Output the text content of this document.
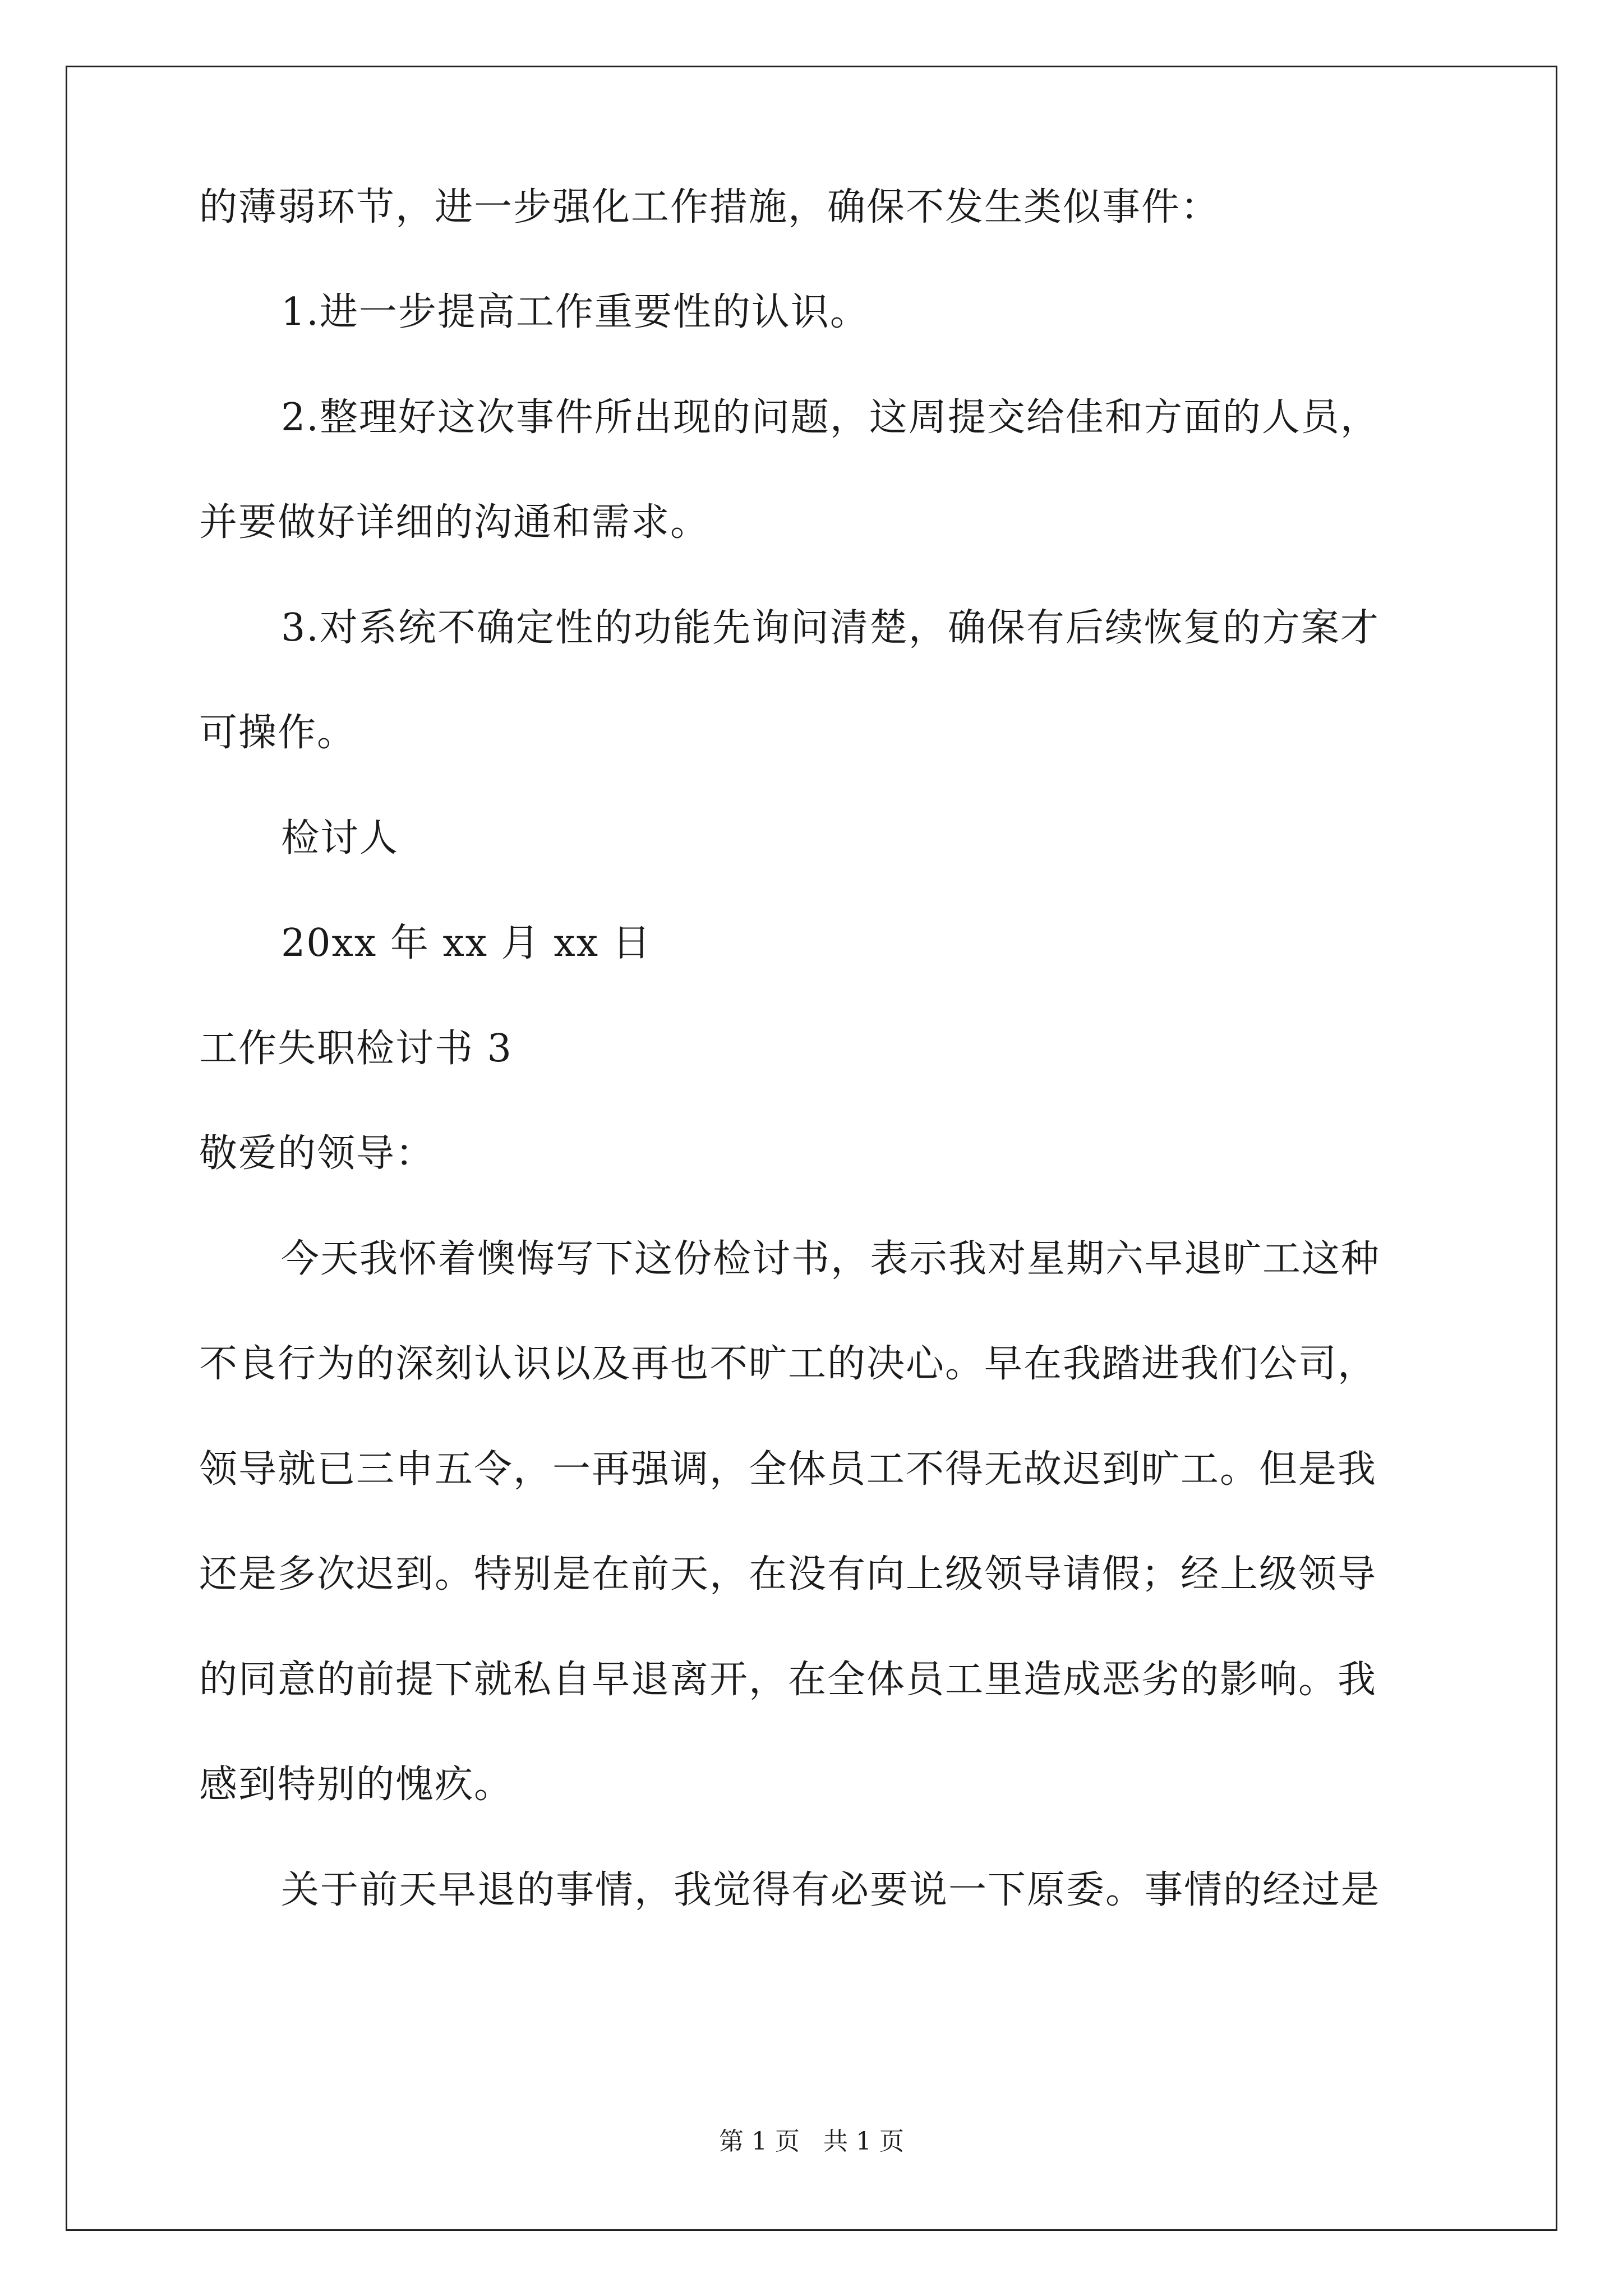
的薄弱环节，进一步强化工作措施，确保不发生类似事件：
1.进一步提高工作重要性的认识。
2.整理好这次事件所出现的问题，这周提交给佳和方面的人员，
并要做好详细的沟通和需求。
3.对系统不确定性的功能先询问清楚，确保有后续恢复的方案才
可操作。
检讨人
20xx 年 xx 月 xx 日
工作失职检讨书 3
敬爱的领导：
今天我怀着懊悔写下这份检讨书，表示我对星期六早退旷工这种
不良行为的深刻认识以及再也不旷工的决心。早在我踏进我们公司，
领导就已三申五令，一再强调，全体员工不得无故迟到旷工。但是我
还是多次迟到。特别是在前天，在没有向上级领导请假；经上级领导
的同意的前提下就私自早退离开，在全体员工里造成恶劣的影响。我
感到特别的愧疚。
关于前天早退的事情，我觉得有必要说一下原委。事情的经过是
第 1 页   共 1 页
